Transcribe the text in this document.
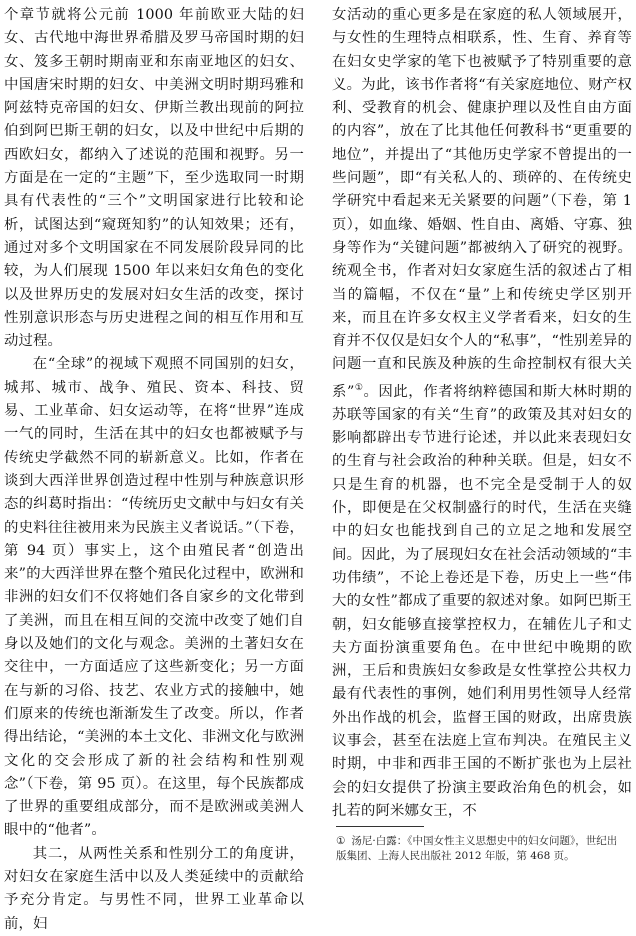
个章节就将公元前 1000 年前欧亚大陆的妇女、古代地中海世界希腊及罗马帝国时期的妇女、笈多王朝时期南亚和东南亚地区的妇女、中国唐宋时期的妇女、中美洲文明时期玛雅和阿兹特克帝国的妇女、伊斯兰教出现前的阿拉伯到阿巴斯王朝的妇女，以及中世纪中后期的西欧妇女，都纳入了述说的范围和视野。另一方面是在一定的“主题”下，至少选取同一时期具有代表性的“三个”文明国家进行比较和论析，试图达到“窥斑知豹”的认知效果；还有，通过对多个文明国家在不同发展阶段异同的比较，为人们展现 1500 年以来妇女角色的变化以及世界历史的发展对妇女生活的改变，探讨性别意识形态与历史进程之间的相互作用和互动过程。

在“全球”的视域下观照不同国别的妇女，城邦、城市、战争、殖民、资本、科技、贸易、工业革命、妇女运动等，在将“世界”连成一气的同时，生活在其中的妇女也都被赋予与传统史学截然不同的崭新意义。比如，作者在谈到大西洋世界创造过程中性别与种族意识形态的纠葛时指出：“传统历史文献中与妇女有关的史料往往被用来为民族主义者说话。”（下卷，第 94 页）事实上，这个由殖民者“创造出来”的大西洋世界在整个殖民化过程中，欧洲和非洲的妇女们不仅将她们各自家乡的文化带到了美洲，而且在相互间的交流中改变了她们自身以及她们的文化与观念。美洲的土著妇女在交往中，一方面适应了这些新变化；另一方面在与新的习俗、技艺、农业方式的接触中，她们原来的传统也渐渐发生了改变。所以，作者得出结论，“美洲的本土文化、非洲文化与欧洲文化的交会形成了新的社会结构和性别观念”（下卷，第 95 页）。在这里，每个民族都成了世界的重要组成部分，而不是欧洲或美洲人眼中的“他者”。

其二，从两性关系和性别分工的角度讲，对妇女在家庭生活中以及人类延续中的贡献给予充分肯定。与男性不同，世界工业革命以前，妇

女活动的重心更多是在家庭的私人领域展开，与女性的生理特点相联系，性、生育、养育等在妇女史学家的笔下也被赋予了特别重要的意义。为此，该书作者将“有关家庭地位、财产权利、受教育的机会、健康护理以及性自由方面的内容”，放在了比其他任何教科书“更重要的地位”，并提出了“其他历史学家不曾提出的一些问题”，即“有关私人的、琐碎的、在传统史学研究中看起来无关紧要的问题”（下卷，第 1 页），如血缘、婚姻、性自由、离婚、守寡、独身等作为“关键问题”都被纳入了研究的视野。统观全书，作者对妇女家庭生活的叙述占了相当的篇幅，不仅在“量”上和传统史学区别开来，而且在许多女权主义学者看来，妇女的生育并不仅仅是妇女个人的“私事”，“性别差异的问题一直和民族及种族的生命控制权有很大关系”①。因此，作者将纳粹德国和斯大林时期的苏联等国家的有关“生育”的政策及其对妇女的影响都辟出专节进行论述，并以此来表现妇女的生育与社会政治的种种关联。但是，妇女不只是生育的机器，也不完全是受制于人的奴仆，即便是在父权制盛行的时代，生活在夹缝中的妇女也能找到自己的立足之地和发展空间。因此，为了展现妇女在社会活动领域的“丰功伟绩”，不论上卷还是下卷，历史上一些“伟大的女性”都成了重要的叙述对象。如阿巴斯王朝，妇女能够直接掌控权力，在辅佐儿子和丈夫方面扮演重要角色。在中世纪中晚期的欧洲，王后和贵族妇女参政是女性掌控公共权力最有代表性的事例，她们利用男性领导人经常外出作战的机会，监督王国的财政，出席贵族议事会，甚至在法庭上宣布判决。在殖民主义时期，中非和西非王国的不断扩张也为上层社会的妇女提供了扮演主要政治角色的机会，如扎若的阿米娜女王，不

① 汤尼·白露：《中国女性主义思想史中的妇女问题》，世纪出版集团、上海人民出版社 2012 年版，第 468 页。
